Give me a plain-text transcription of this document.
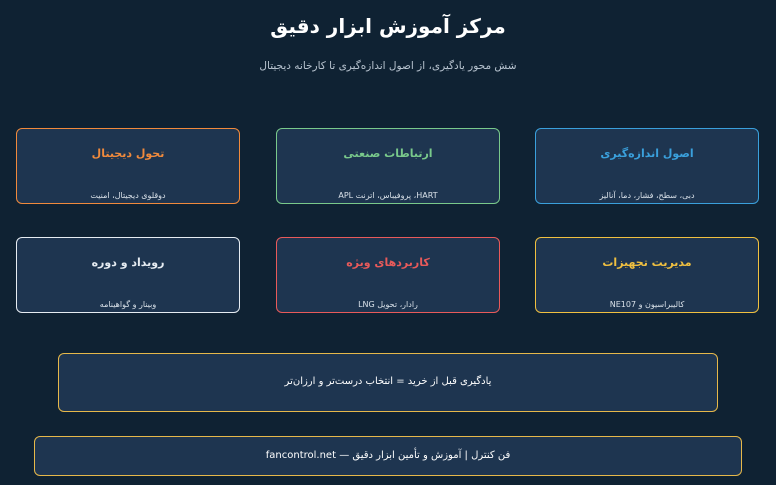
مرکز آموزش ابزار دقیق
شش محور یادگیری، از اصول اندازه‌گیری تا کارخانه دیجیتال
اصول اندازه‌گیری
دبی، سطح، فشار، دما، آنالیز
ارتباطات صنعتی
HART، پروفیباس، اترنت APL
تحول دیجیتال
دوقلوی دیجیتال، امنیت
مدیریت تجهیزات
کالیبراسیون و NE107
کاربردهای ویژه
رادار، تحویل LNG
رویداد و دوره
وبینار و گواهینامه
یادگیری قبل از خرید = انتخاب درست‌تر و ارزان‌تر
فن کنترل | آموزش و تأمین ابزار دقیق — fancontrol.net
